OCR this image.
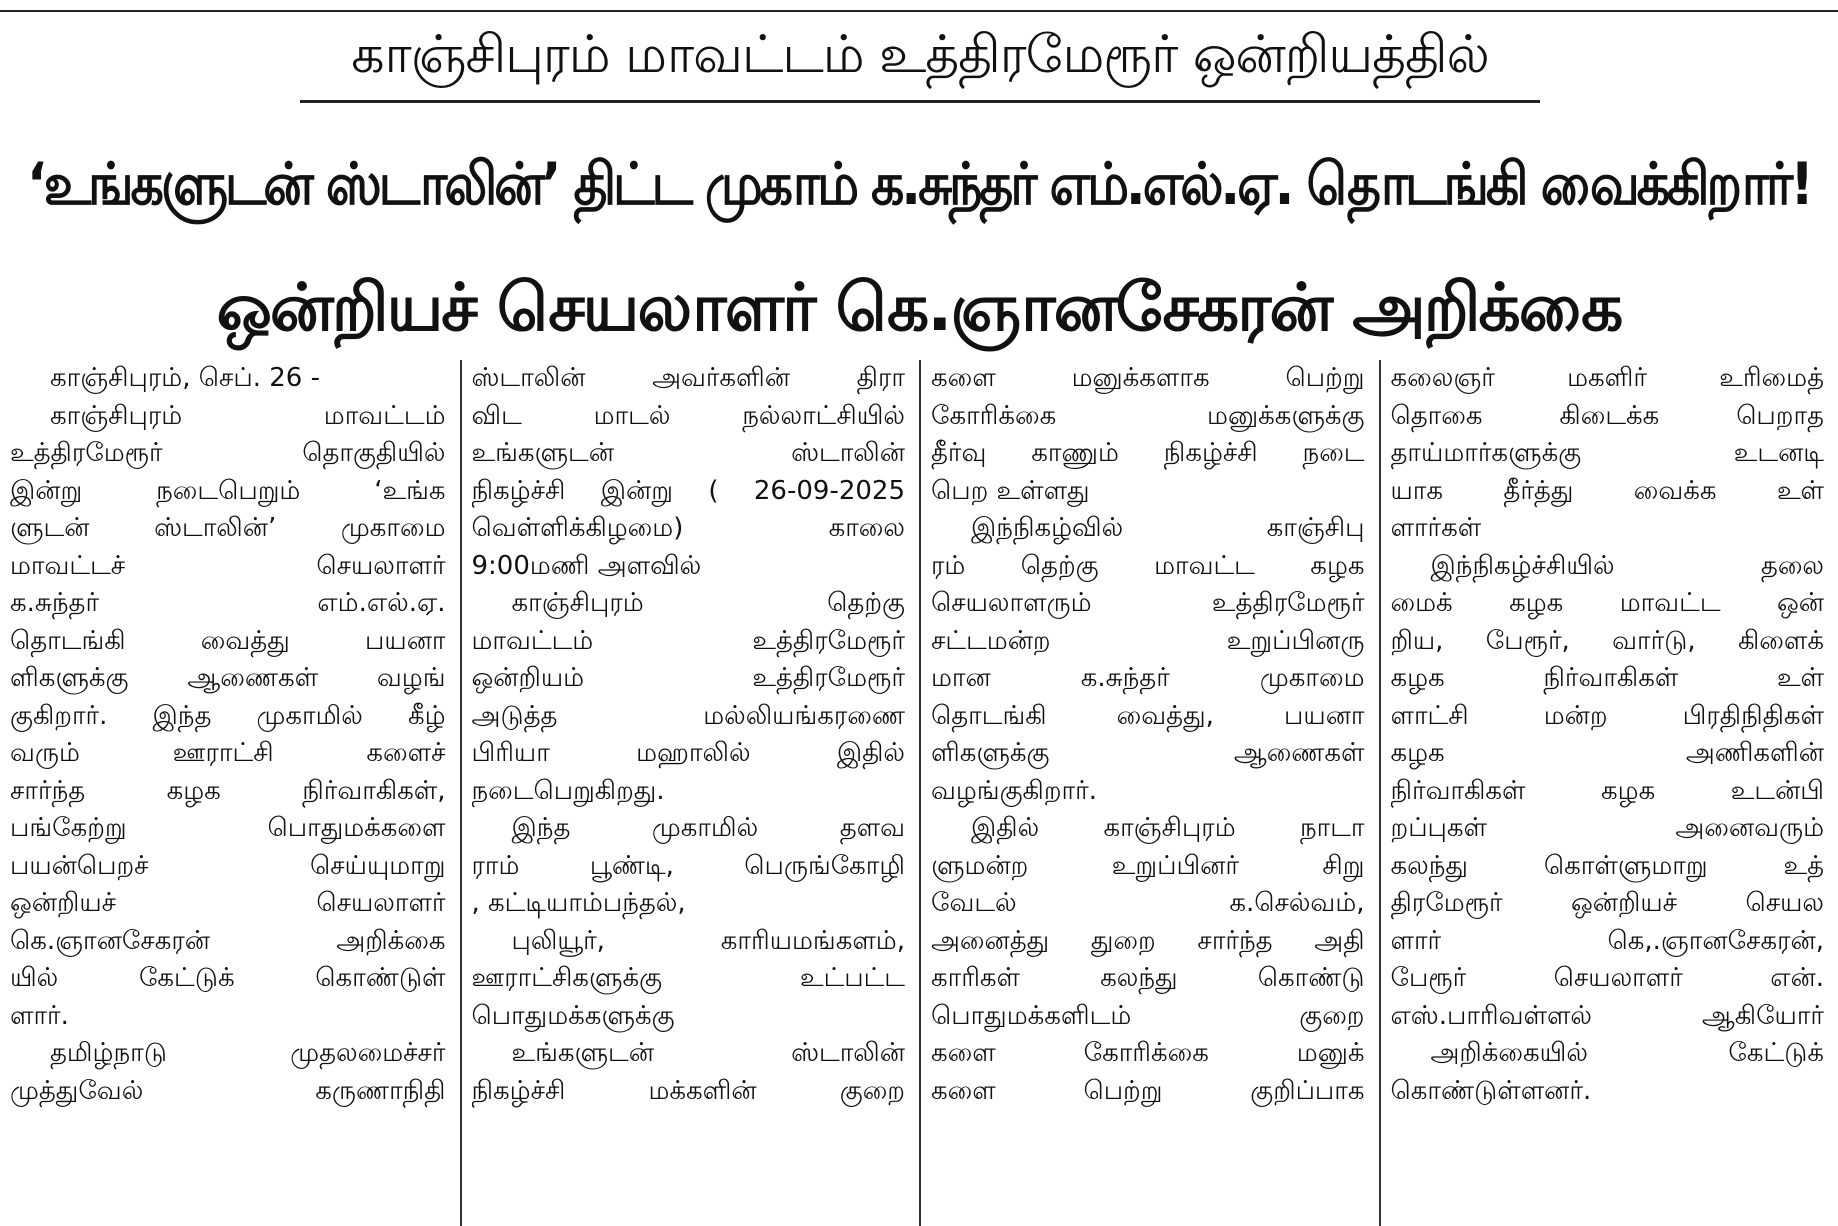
காஞ்சிபுரம் மாவட்டம் உத்திரமேரூர் ஒன்றியத்தில்
‘உங்களுடன் ஸ்டாலின்’ திட்ட முகாம் க.சுந்தர் எம்.எல்.ஏ. தொடங்கி வைக்கிறார்!
ஒன்றியச் செயலாளர் கெ.ஞானசேகரன் அறிக்கை
காஞ்சிபுரம், செப். 26 -
காஞ்சிபுரம் மாவட்டம்
உத்திரமேரூர் தொகுதியில்
இன்று நடைபெறும் ‘உங்க
ளுடன் ஸ்டாலின்’ முகாமை
மாவட்டச் செயலாளர்
க.சுந்தர் எம்.எல்.ஏ.
தொடங்கி வைத்து பயனா
ளிகளுக்கு ஆணைகள் வழங்
குகிறார். இந்த முகாமில் கீழ்
வரும் ஊராட்சி களைச்
சார்ந்த கழக நிர்வாகிகள்,
பங்கேற்று பொதுமக்களை
பயன்பெறச் செய்யுமாறு
ஒன்றியச் செயலாளர்
கெ.ஞானசேகரன் அறிக்கை
யில் கேட்டுக் கொண்டுள்
ளார்.
தமிழ்நாடு முதலமைச்சர்
முத்துவேல் கருணாநிதி
ஸ்டாலின் அவர்களின் திரா
விட மாடல் நல்லாட்சியில்
உங்களுடன் ஸ்டாலின்
நிகழ்ச்சி இன்று ( 26-09-2025
வெள்ளிக்கிழமை) காலை
9:00மணி அளவில்
காஞ்சிபுரம் தெற்கு
மாவட்டம் உத்திரமேரூர்
ஒன்றியம் உத்திரமேரூர்
அடுத்த மல்லியங்கரணை
பிரியா மஹாலில் இதில்
நடைபெறுகிறது.
இந்த முகாமில் தளவ
ராம் பூண்டி, பெருங்கோழி
, கட்டியாம்பந்தல்,
புலியூர், காரியமங்களம்,
ஊராட்சிகளுக்கு உட்பட்ட
பொதுமக்களுக்கு
உங்களுடன் ஸ்டாலின்
நிகழ்ச்சி மக்களின் குறை
களை மனுக்களாக பெற்று
கோரிக்கை மனுக்களுக்கு
தீர்வு காணும் நிகழ்ச்சி நடை
பெற உள்ளது
இந்நிகழ்வில் காஞ்சிபு
ரம் தெற்கு மாவட்ட கழக
செயலாளரும் உத்திரமேரூர்
சட்டமன்ற உறுப்பினரு
மான க.சுந்தர் முகாமை
தொடங்கி வைத்து, பயனா
ளிகளுக்கு ஆணைகள்
வழங்குகிறார்.
இதில் காஞ்சிபுரம் நாடா
ளுமன்ற உறுப்பினர் சிறு
வேடல் க.செல்வம்,
அனைத்து துறை சார்ந்த அதி
காரிகள் கலந்து கொண்டு
பொதுமக்களிடம் குறை
களை கோரிக்கை மனுக்
களை பெற்று குறிப்பாக
கலைஞர் மகளிர் உரிமைத்
தொகை கிடைக்க பெறாத
தாய்மார்களுக்கு உடனடி
யாக தீர்த்து வைக்க உள்
ளார்கள்
இந்நிகழ்ச்சியில் தலை
மைக் கழக மாவட்ட ஒன்
றிய, பேரூர், வார்டு, கிளைக்
கழக நிர்வாகிகள் உள்
ளாட்சி மன்ற பிரதிநிதிகள்
கழக அணிகளின்
நிர்வாகிகள் கழக உடன்பி
றப்புகள் அனைவரும்
கலந்து கொள்ளுமாறு உத்
திரமேரூர் ஒன்றியச் செயல
ளார் கெ,.ஞானசேகரன்,
பேரூர் செயலாளர் என்.
எஸ்.பாரிவள்ளல் ஆகியோர்
அறிக்கையில் கேட்டுக்
கொண்டுள்ளனர்.
